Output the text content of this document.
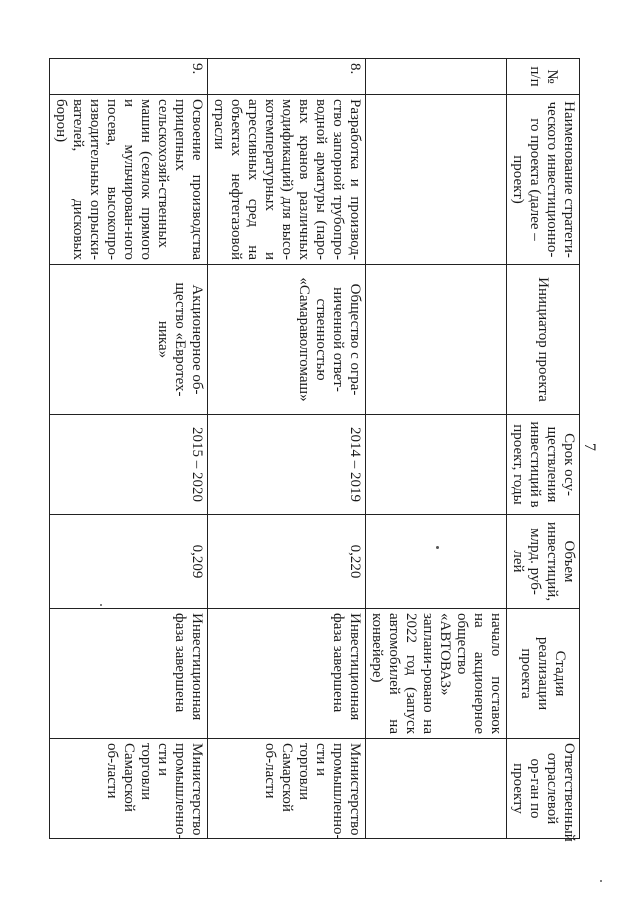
7
№ п/п	Наименование стратеги-ческого инвестиционно-го проекта (далее – проект)	Инициатор проекта	Срок осу-ществления инвестиций в проект, годы	Объем инвестиций, млрд. руб-лей	Стадия реализации проекта	Ответственный отраслевой ор-ган по проекту
					начало поставок на акционерное общество «АВТОВАЗ» заплани-ровано на 2022 год (запуск автомобилей на конвейере)	
8.	Разработка и производ-ство запорной трубопро-водной арматуры (паро-вых кранов различных модификаций) для высо-котемпературных и агрессивных сред на объектах нефтегазовой отрасли	Общество с огра-ниченной ответ-ственностью «Самараволгомаш»	2014 – 2019	0,220	Инвестиционная фаза завершена	Министерство промышленно-сти и торговли Самарской об-ласти
9.	Освоение производства прицепных сельскохозяй-ственных машин (сеялок прямого и мульчирован-ного посева, высокопро-изводительных опрыски-вателей, дисковых борон)	Акционерное об-щество «Евротех-ника»	2015 – 2020	0,209	Инвестиционная фаза завершена	Министерство промышленно-сти и торговли Самарской об-ласти
